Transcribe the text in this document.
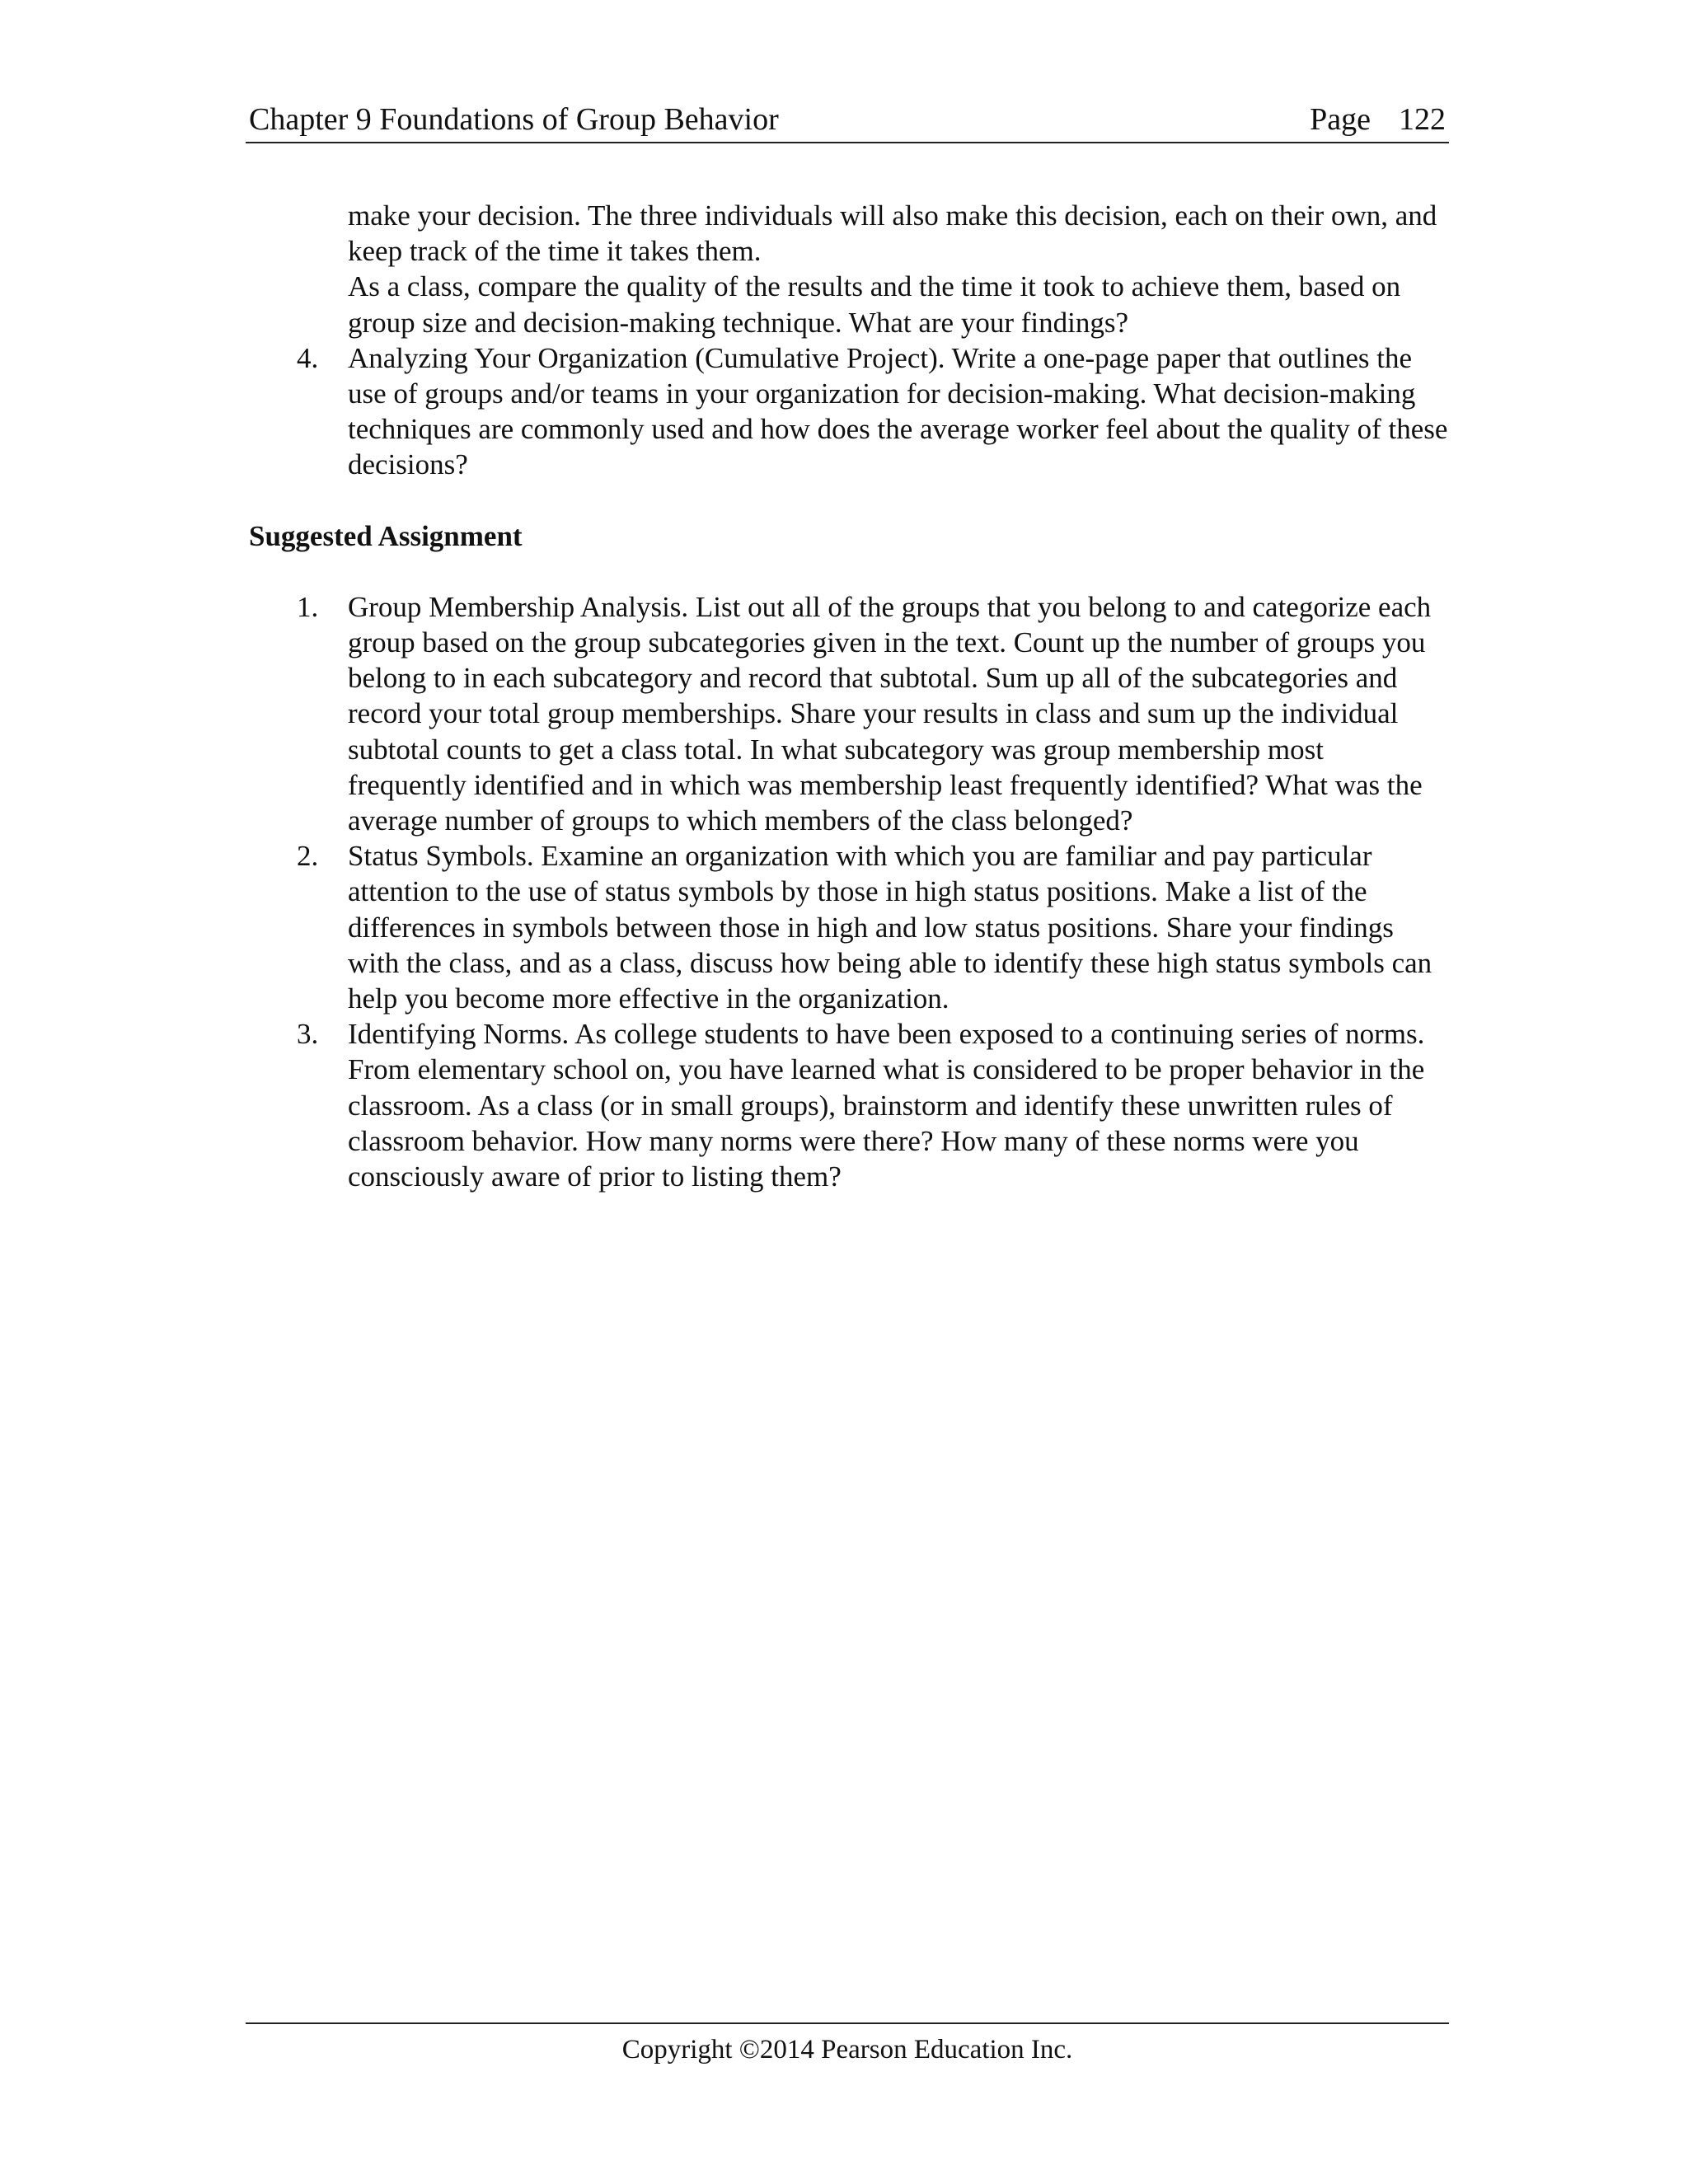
Chapter 9 Foundations of Group Behavior	Page 122
make your decision. The three individuals will also make this decision, each on their own, and keep track of the time it takes them.
As a class, compare the quality of the results and the time it took to achieve them, based on group size and decision-making technique. What are your findings?
4.	Analyzing Your Organization (Cumulative Project). Write a one-page paper that outlines the use of groups and/or teams in your organization for decision-making. What decision-making techniques are commonly used and how does the average worker feel about the quality of these decisions?
Suggested Assignment
1.	Group Membership Analysis. List out all of the groups that you belong to and categorize each group based on the group subcategories given in the text. Count up the number of groups you belong to in each subcategory and record that subtotal. Sum up all of the subcategories and record your total group memberships. Share your results in class and sum up the individual subtotal counts to get a class total. In what subcategory was group membership most frequently identified and in which was membership least frequently identified? What was the average number of groups to which members of the class belonged?
2.	Status Symbols. Examine an organization with which you are familiar and pay particular attention to the use of status symbols by those in high status positions. Make a list of the differences in symbols between those in high and low status positions. Share your findings with the class, and as a class, discuss how being able to identify these high status symbols can help you become more effective in the organization.
3.	Identifying Norms. As college students to have been exposed to a continuing series of norms. From elementary school on, you have learned what is considered to be proper behavior in the classroom. As a class (or in small groups), brainstorm and identify these unwritten rules of classroom behavior. How many norms were there? How many of these norms were you consciously aware of prior to listing them?
Copyright ©2014 Pearson Education Inc.
